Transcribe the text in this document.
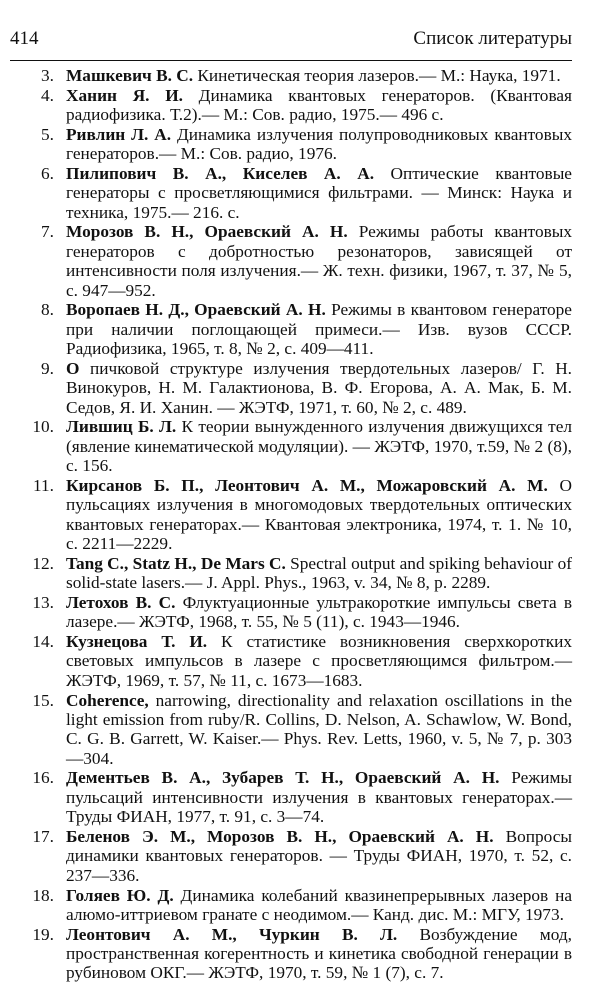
414	Список литературы
3. Машкевич В. С. Кинетическая теория лазеров.— М.: Наука, 1971.
4. Ханин Я. И. Динамика квантовых генераторов. (Квантовая радиофизика. Т.2).— М.: Сов. радио, 1975.— 496 с.
5. Ривлин Л. А. Динамика излучения полупроводниковых квантовых генераторов.— М.: Сов. радио, 1976.
6. Пилипович В. А., Киселев А. А. Оптические квантовые генераторы с просветляющимися фильтрами. — Минск: Наука и техника, 1975.— 216. с.
7. Морозов В. Н., Ораевский А. Н. Режимы работы квантовых генераторов с добротностью резонаторов, зависящей от интенсивности поля излучения.— Ж. техн. физики, 1967, т. 37, № 5, с. 947—952.
8. Воропаев Н. Д., Ораевский А. Н. Режимы в квантовом генераторе при наличии поглощающей примеси.— Изв. вузов СССР. Радиофизика, 1965, т. 8, № 2, с. 409—411.
9. О пичковой структуре излучения твердотельных лазеров/ Г. Н. Винокуров, Н. М. Галактионова, В. Ф. Егорова, А. А. Мак, Б. М. Седов, Я. И. Ханин. — ЖЭТФ, 1971, т. 60, № 2, с. 489.
10. Лившиц Б. Л. К теории вынужденного излучения движущихся тел (явление кинематической модуляции). — ЖЭТФ, 1970, т.59, № 2 (8), с. 156.
11. Кирсанов Б. П., Леонтович А. М., Можаровский А. М. О пульсациях излучения в многомодовых твердотельных оптических квантовых генераторах.— Квантовая электроника, 1974, т. 1. № 10, с. 2211—2229.
12. Tang C., Statz H., De Mars C. Spectral output and spiking behaviour of solid-state lasers.— J. Appl. Phys., 1963, v. 34, № 8, p. 2289.
13. Летохов В. С. Флуктуационные ультракороткие импульсы света в лазере.— ЖЭТФ, 1968, т. 55, № 5 (11), с. 1943—1946.
14. Кузнецова Т. И. К статистике возникновения сверхкоротких световых импульсов в лазере с просветляющимся фильтром.— ЖЭТФ, 1969, т. 57, № 11, с. 1673—1683.
15. Coherence, narrowing, directionality and relaxation oscillations in the light emission from ruby/R. Collins, D. Nelson, A. Schawlow, W. Bond, C. G. B. Garrett, W. Kaiser.— Phys. Rev. Letts, 1960, v. 5, № 7, p. 303—304.
16. Дементьев В. А., Зубарев Т. Н., Ораевский А. Н. Режимы пульсаций интенсивности излучения в квантовых генераторах.— Труды ФИАН, 1977, т. 91, с. 3—74.
17. Беленов Э. М., Морозов В. Н., Ораевский А. Н. Вопросы динамики квантовых генераторов. — Труды ФИАН, 1970, т. 52, с. 237—336.
18. Голяев Ю. Д. Динамика колебаний квазинепрерывных лазеров на алюмо-иттриевом гранате с неодимом.— Канд. дис. М.: МГУ, 1973.
19. Леонтович А. М., Чуркин В. Л. Возбуждение мод, пространственная когерентность и кинетика свободной генерации в рубиновом ОКГ.— ЖЭТФ, 1970, т. 59, № 1 (7), с. 7.
